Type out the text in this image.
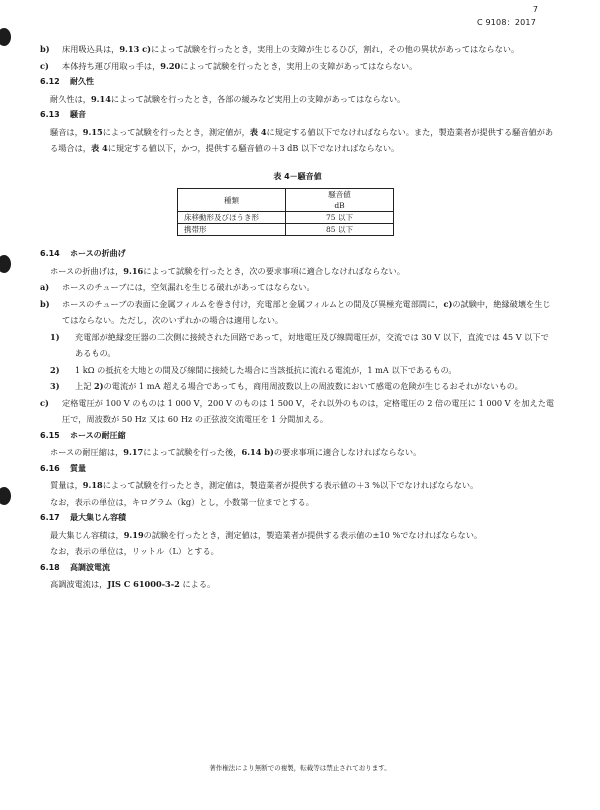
7
C 9108：2017
b)	床用吸込具は，9.13 c)によって試験を行ったとき，実用上の支障が生じるひび，割れ，その他の異状があってはならない。
c)	本体持ち運び用取っ手は，9.20によって試験を行ったとき，実用上の支障があってはならない。
6.12	耐久性

耐久性は，9.14によって試験を行ったとき，各部の緩みなど実用上の支障があってはならない。

6.13	騒音

騒音は，9.15によって試験を行ったとき，測定値が，表 4に規定する値以下でなければならない。また，製造業者が提供する騒音値がある場合は，表 4に規定する値以下，かつ，提供する騒音値の＋3 dB 以下でなければならない。

表 4－騒音値
種類	騒音値
dB
床移動形及びほうき形	75 以下
携帯形	85 以下
6.14	ホースの折曲げ

ホースの折曲げは，9.16によって試験を行ったとき，次の要求事項に適合しなければならない。

a)	ホースのチューブには，空気漏れを生じる破れがあってはならない。
b)	ホースのチューブの表面に金属フィルムを巻き付け，充電部と金属フィルムとの間及び異極充電部間に，c)の試験中，絶縁破壊を生じてはならない。ただし，次のいずれかの場合は適用しない。
1)	充電部が絶縁変圧器の二次側に接続された回路であって，対地電圧及び線間電圧が，交流では 30 V 以下，直流では 45 V 以下であるもの。
2)	1 kΩ の抵抗を大地との間及び線間に接続した場合に当該抵抗に流れる電流が，1 mA 以下であるもの。
3)	上記 2)の電流が 1 mA 超える場合であっても，商用周波数以上の周波数において感電の危険が生じるおそれがないもの。
c)	定格電圧が 100 V のものは 1 000 V，200 V のものは 1 500 V，それ以外のものは，定格電圧の 2 倍の電圧に 1 000 V を加えた電圧で，周波数が 50 Hz 又は 60 Hz の正弦波交流電圧を 1 分間加える。
6.15	ホースの耐圧縮

ホースの耐圧縮は，9.17によって試験を行った後，6.14 b)の要求事項に適合しなければならない。

6.16	質量

質量は，9.18によって試験を行ったとき，測定値は，製造業者が提供する表示値の＋3 %以下でなければならない。

なお，表示の単位は，キログラム（kg）とし，小数第一位までとする。

6.17	最大集じん容積

最大集じん容積は，9.19の試験を行ったとき，測定値は，製造業者が提供する表示値の±10 %でなければならない。

なお，表示の単位は，リットル（L）とする。

6.18	高調波電流

高調波電流は，JIS C 61000-3-2 による。

著作権法により無断での複製，転載等は禁止されております。
